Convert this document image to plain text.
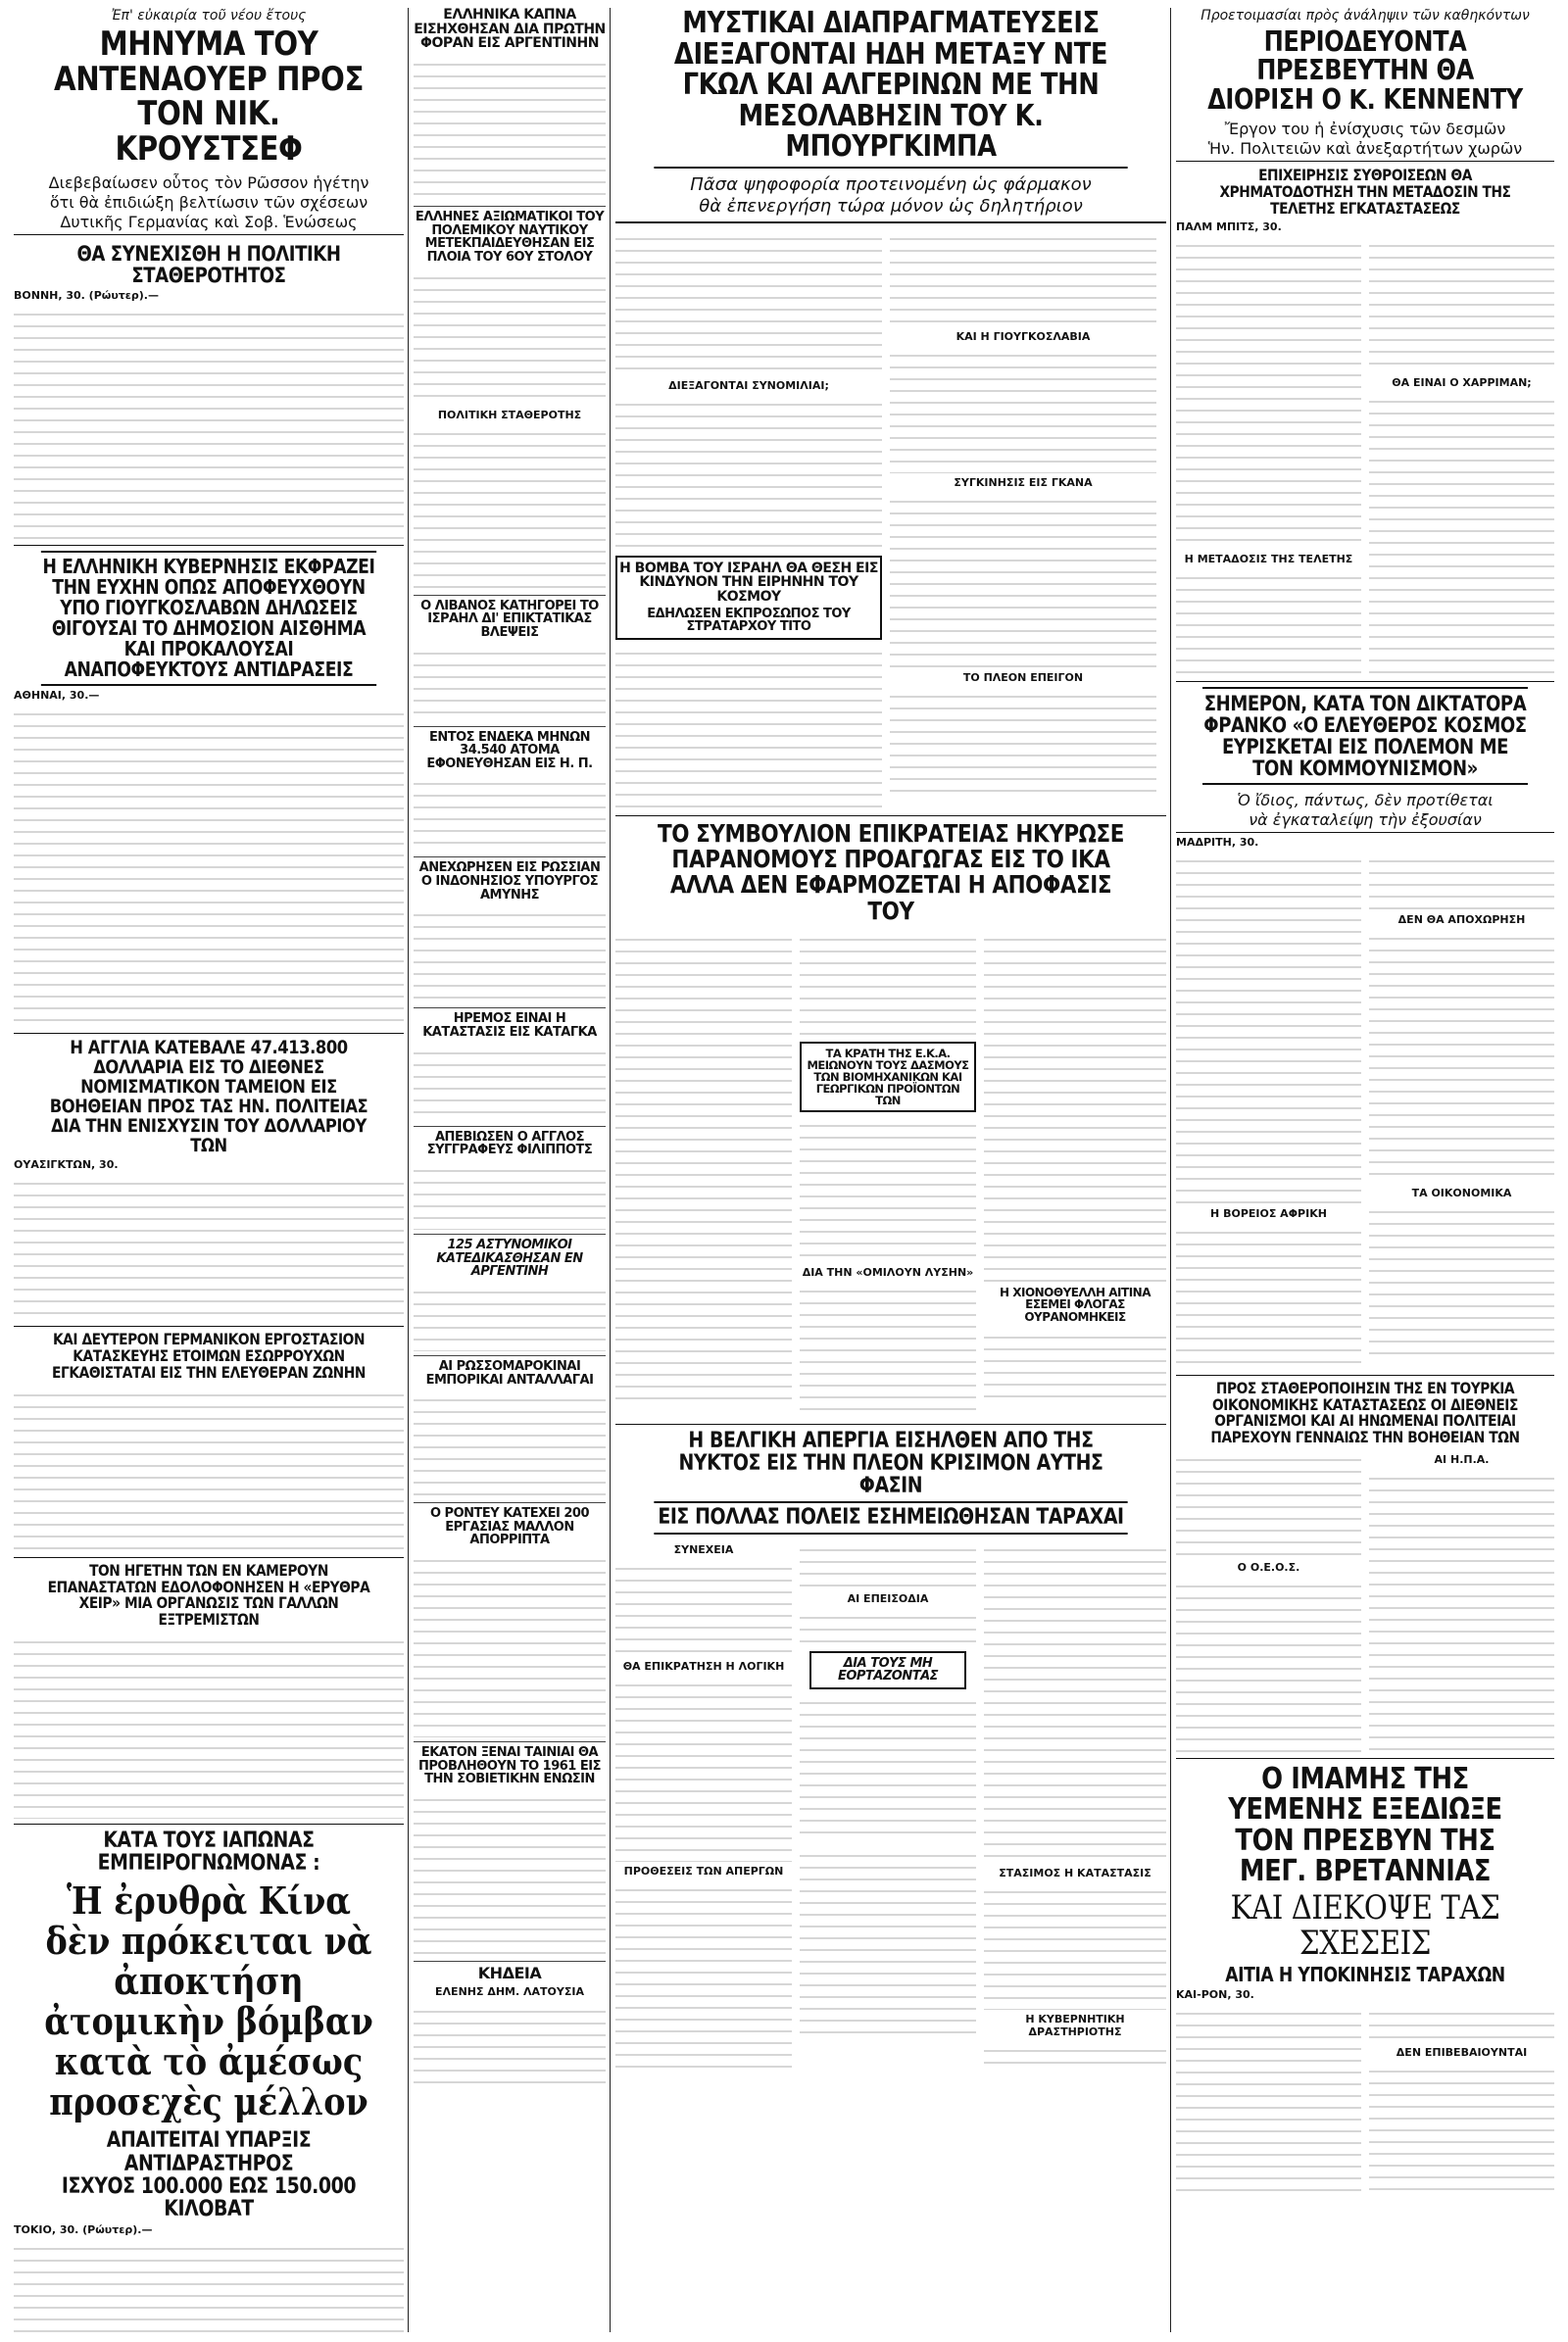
Ἐπ' εὐκαιρία τοῦ νέου ἔτους
ΜΗΝΥΜΑ ΤΟΥ ΑΝΤΕΝΑΟΥΕΡ ΠΡΟΣ ΤΟΝ ΝΙΚ. ΚΡΟΥΣΤΣΕΦ
Διεβεβαίωσεν οὗτος τὸν Ρῶσσον ἡγέτην
ὅτι θὰ ἐπιδιώξη βελτίωσιν τῶν σχέσεων
Δυτικῆς Γερμανίας καὶ Σοβ. Ἑνώσεως
ΘΑ ΣΥΝΕΧΙΣΘΗ Η ΠΟΛΙΤΙΚΗ ΣΤΑΘΕΡΟΤΗΤΟΣ
ΒΟΝΝΗ, 30. (Ρώυτερ).—
Η ΕΛΛΗΝΙΚΗ ΚΥΒΕΡΝΗΣΙΣ ΕΚΦΡΑΖΕΙ ΤΗΝ ΕΥΧΗΝ ΟΠΩΣ ΑΠΟΦΕΥΧΘΟΥΝ ΥΠΟ ΓΙΟΥΓΚΟΣΛΑΒΩΝ ΔΗΛΩΣΕΙΣ ΘΙΓΟΥΣΑΙ ΤΟ ΔΗΜΟΣΙΟΝ ΑΙΣΘΗΜΑ ΚΑΙ ΠΡΟΚΑΛΟΥΣΑΙ ΑΝΑΠΟΦΕΥΚΤΟΥΣ ΑΝΤΙΔΡΑΣΕΙΣ
ΑΘΗΝΑΙ, 30.—
Η ΑΓΓΛΙΑ ΚΑΤΕΒΑΛΕ 47.413.800 ΔΟΛΛΑΡΙΑ ΕΙΣ ΤΟ ΔΙΕΘΝΕΣ ΝΟΜΙΣΜΑΤΙΚΟΝ ΤΑΜΕΙΟΝ ΕΙΣ ΒΟΗΘΕΙΑΝ ΠΡΟΣ ΤΑΣ ΗΝ. ΠΟΛΙΤΕΙΑΣ ΔΙΑ ΤΗΝ ΕΝΙΣΧΥΣΙΝ ΤΟΥ ΔΟΛΛΑΡΙΟΥ ΤΩΝ
ΟΥΑΣΙΓΚΤΩΝ, 30.
ΚΑΙ ΔΕΥΤΕΡΟΝ ΓΕΡΜΑΝΙΚΟΝ ΕΡΓΟΣΤΑΣΙΟΝ ΚΑΤΑΣΚΕΥΗΣ ΕΤΟΙΜΩΝ ΕΣΩΡΡΟΥΧΩΝ ΕΓΚΑΘΙΣΤΑΤΑΙ ΕΙΣ ΤΗΝ ΕΛΕΥΘΕΡΑΝ ΖΩΝΗΝ
ΤΟΝ ΗΓΕΤΗΝ ΤΩΝ ΕΝ ΚΑΜΕΡΟΥΝ ΕΠΑΝΑΣΤΑΤΩΝ ΕΔΟΛΟΦΟΝΗΣΕΝ Η «ΕΡΥΘΡΑ ΧΕΙΡ» ΜΙΑ ΟΡΓΑΝΩΣΙΣ ΤΩΝ ΓΑΛΛΩΝ ΕΞΤΡΕΜΙΣΤΩΝ
ΚΑΤΑ ΤΟΥΣ ΙΑΠΩΝΑΣ ΕΜΠΕΙΡΟΓΝΩΜΟΝΑΣ :
Ἡ ἐρυθρὰ Κίνα δὲν πρόκειται νὰ ἀποκτήση ἀτομικὴν βόμβαν κατὰ τὸ ἀμέσως προσεχὲς μέλλον
ΑΠΑΙΤΕΙΤΑΙ ΥΠΑΡΞΙΣ ΑΝΤΙΔΡΑΣΤΗΡΟΣ
ΙΣΧΥΟΣ 100.000 ΕΩΣ 150.000 ΚΙΛΟΒΑΤ
ΤΟΚΙΟ, 30. (Ρώυτερ).—
ΕΛΛΗΝΙΚΑ ΚΑΠΝΑ ΕΙΣΗΧΘΗΣΑΝ ΔΙΑ ΠΡΩΤΗΝ ΦΟΡΑΝ ΕΙΣ ΑΡΓΕΝΤΙΝΗΝ
ΕΛΛΗΝΕΣ ΑΞΙΩΜΑΤΙΚΟΙ ΤΟΥ ΠΟΛΕΜΙΚΟΥ ΝΑΥΤΙΚΟΥ ΜΕΤΕΚΠΑΙΔΕΥΘΗΣΑΝ ΕΙΣ ΠΛΟΙΑ ΤΟΥ 6ΟΥ ΣΤΟΛΟΥ
ΠΟΛΙΤΙΚΗ ΣΤΑΘΕΡΟΤΗΣ
Ο ΛΙΒΑΝΟΣ ΚΑΤΗΓΟΡΕΙ ΤΟ ΙΣΡΑΗΛ ΔΙ' ΕΠΙΚΤΑΤΙΚΑΣ ΒΛΕΨΕΙΣ
ΕΝΤΟΣ ΕΝΔΕΚΑ ΜΗΝΩΝ 34.540 ΑΤΟΜΑ ΕΦΟΝΕΥΘΗΣΑΝ ΕΙΣ Η. Π.
ΑΝΕΧΩΡΗΣΕΝ ΕΙΣ ΡΩΣΣΙΑΝ Ο ΙΝΔΟΝΗΣΙΟΣ ΥΠΟΥΡΓΟΣ ΑΜΥΝΗΣ
ΗΡΕΜΟΣ ΕΙΝΑΙ Η ΚΑΤΑΣΤΑΣΙΣ ΕΙΣ ΚΑΤΑΓΚΑ
ΑΠΕΒΙΩΣΕΝ Ο ΑΓΓΛΟΣ ΣΥΓΓΡΑΦΕΥΣ ΦΙΛΙΠΠΟΤΣ
125 ΑΣΤΥΝΟΜΙΚΟΙ ΚΑΤΕΔΙΚΑΣΘΗΣΑΝ ΕΝ ΑΡΓΕΝΤΙΝΗ
ΑΙ ΡΩΣΣΟΜΑΡΟΚΙΝΑΙ ΕΜΠΟΡΙΚΑΙ ΑΝΤΑΛΛΑΓΑΙ
Ο ΡΟΝΤΕΥ ΚΑΤΕΧΕΙ 200 ΕΡΓΑΣΙΑΣ ΜΑΛΛΟΝ ΑΠΟΡΡΙΠΤΑ
ΕΚΑΤΟΝ ΞΕΝΑΙ ΤΑΙΝΙΑΙ ΘΑ ΠΡΟΒΛΗΘΟΥΝ ΤΟ 1961 ΕΙΣ ΤΗΝ ΣΟΒΙΕΤΙΚΗΝ ΕΝΩΣΙΝ
ΚΗΔΕΙΑ
ΕΛΕΝΗΣ ΔΗΜ. ΛΑΤΟΥΣΙΑ
ΜΥΣΤΙΚΑΙ ΔΙΑΠΡΑΓΜΑΤΕΥΣΕΙΣ ΔΙΕΞΑΓΟΝΤΑΙ ΗΔΗ ΜΕΤΑΞΥ ΝΤΕ ΓΚΩΛ ΚΑΙ ΑΛΓΕΡΙΝΩΝ ΜΕ ΤΗΝ ΜΕΣΟΛΑΒΗΣΙΝ ΤΟΥ Κ. ΜΠΟΥΡΓΚΙΜΠΑ
Πᾶσα ψηφοφορία προτεινομένη ὡς φάρμακον
θὰ ἐπενεργήση τώρα μόνον ὡς δηλητήριον
ΔΙΕΞΑΓΟΝΤΑΙ ΣΥΝΟΜΙΛΙΑΙ;
Η ΒΟΜΒΑ ΤΟΥ ΙΣΡΑΗΛ ΘΑ ΘΕΣΗ ΕΙΣ ΚΙΝΔΥΝΟΝ ΤΗΝ ΕΙΡΗΝΗΝ ΤΟΥ ΚΟΣΜΟΥ
ΕΔΗΛΩΣΕΝ ΕΚΠΡΟΣΩΠΟΣ ΤΟΥ ΣΤΡΑΤΑΡΧΟΥ ΤΙΤΟ
ΚΑΙ Η ΓΙΟΥΓΚΟΣΛΑΒΙΑ
ΣΥΓΚΙΝΗΣΙΣ ΕΙΣ ΓΚΑΝΑ
ΤΟ ΠΛΕΟΝ ΕΠΕΙΓΟΝ
ΤΟ ΣΥΜΒΟΥΛΙΟΝ ΕΠΙΚΡΑΤΕΙΑΣ ΗΚΥΡΩΣΕ ΠΑΡΑΝΟΜΟΥΣ ΠΡΟΑΓΩΓΑΣ ΕΙΣ ΤΟ ΙΚΑ ΑΛΛΑ ΔΕΝ ΕΦΑΡΜΟΖΕΤΑΙ Η ΑΠΟΦΑΣΙΣ ΤΟΥ
ΤΑ ΚΡΑΤΗ ΤΗΣ Ε.Κ.Α. ΜΕΙΩΝΟΥΝ ΤΟΥΣ ΔΑΣΜΟΥΣ ΤΩΝ ΒΙΟΜΗΧΑΝΙΚΩΝ ΚΑΙ ΓΕΩΡΓΙΚΩΝ ΠΡΟΪΟΝΤΩΝ ΤΩΝ
ΔΙΑ ΤΗΝ «ΟΜΙΛΟΥΝ ΛΥΣΗΝ»
Η ΧΙΟΝΟΘΥΕΛΛΗ ΑΙΤΙΝΑ ΕΣΕΜΕΙ ΦΛΟΓΑΣ ΟΥΡΑΝΟΜΗΚΕΙΣ
Η ΒΕΛΓΙΚΗ ΑΠΕΡΓΙΑ ΕΙΣΗΛΘΕΝ ΑΠΟ ΤΗΣ ΝΥΚΤΟΣ ΕΙΣ ΤΗΝ ΠΛΕΟΝ ΚΡΙΣΙΜΟΝ ΑΥΤΗΣ ΦΑΣΙΝ
ΕΙΣ ΠΟΛΛΑΣ ΠΟΛΕΙΣ ΕΣΗΜΕΙΩΘΗΣΑΝ ΤΑΡΑΧΑΙ
ΣΥΝΕΧΕΙΑ
ΘΑ ΕΠΙΚΡΑΤΗΣΗ Η ΛΟΓΙΚΗ
ΠΡΟΘΕΣΕΙΣ ΤΩΝ ΑΠΕΡΓΩΝ
ΑΙ ΕΠΕΙΣΟΔΙΑ
ΔΙΑ ΤΟΥΣ ΜΗ ΕΟΡΤΑΖΟΝΤΑΣ
ΣΤΑΣΙΜΟΣ Η ΚΑΤΑΣΤΑΣΙΣ
Η ΚΥΒΕΡΝΗΤΙΚΗ ΔΡΑΣΤΗΡΙΟΤΗΣ
Προετοιμασίαι πρὸς ἀνάληψιν τῶν καθηκόντων
ΠΕΡΙΟΔΕΥΟΝΤΑ ΠΡΕΣΒΕΥΤΗΝ ΘΑ ΔΙΟΡΙΣΗ Ο K. ΚΕΝΝΕΝΤΥ
Ἔργον του ἡ ἐνίσχυσις τῶν δεσμῶν
Ἡν. Πολιτειῶν καὶ ἀνεξαρτήτων χωρῶν
ΕΠΙΧΕΙΡΗΣΙΣ ΣΥΘΡΟΙΣΕΩΝ ΘΑ ΧΡΗΜΑΤΟΔΟΤΗΣΗ ΤΗΝ ΜΕΤΑΔΟΣΙΝ ΤΗΣ ΤΕΛΕΤΗΣ ΕΓΚΑΤΑΣΤΑΣΕΩΣ
ΠΑΛΜ ΜΠΙΤΣ, 30.
Η ΜΕΤΑΔΟΣΙΣ ΤΗΣ ΤΕΛΕΤΗΣ
ΘΑ ΕΙΝΑΙ Ο ΧΑΡΡΙΜΑΝ;
ΣΗΜΕΡΟΝ, ΚΑΤΑ ΤΟΝ ΔΙΚΤΑΤΟΡΑ ΦΡΑΝΚΟ «Ο ΕΛΕΥΘΕΡΟΣ ΚΟΣΜΟΣ ΕΥΡΙΣΚΕΤΑΙ ΕΙΣ ΠΟΛΕΜΟΝ ΜΕ ΤΟΝ ΚΟΜΜΟΥΝΙΣΜΟΝ»
Ὁ ἴδιος, πάντως, δὲν προτίθεται
νὰ ἐγκαταλείψη τὴν ἐξουσίαν
ΜΑΔΡΙΤΗ, 30.
Η ΒΟΡΕΙΟΣ ΑΦΡΙΚΗ
ΔΕΝ ΘΑ ΑΠΟΧΩΡΗΣΗ
ΤΑ ΟΙΚΟΝΟΜΙΚΑ
ΠΡΟΣ ΣΤΑΘΕΡΟΠΟΙΗΣΙΝ ΤΗΣ ΕΝ ΤΟΥΡΚΙΑ ΟΙΚΟΝΟΜΙΚΗΣ ΚΑΤΑΣΤΑΣΕΩΣ ΟΙ ΔΙΕΘΝΕΙΣ ΟΡΓΑΝΙΣΜΟΙ ΚΑΙ ΑΙ ΗΝΩΜΕΝΑΙ ΠΟΛΙΤΕΙΑΙ ΠΑΡΕΧΟΥΝ ΓΕΝΝΑΙΩΣ ΤΗΝ ΒΟΗΘΕΙΑΝ ΤΩΝ
Ο Ο.Ε.Ο.Σ.
ΑΙ Η.Π.Α.
Ο ΙΜΑΜΗΣ ΤΗΣ ΥΕΜΕΝΗΣ ΕΞΕΔΙΩΞΕ ΤΟΝ ΠΡΕΣΒΥΝ ΤΗΣ ΜΕΓ. ΒΡΕΤΑΝΝΙΑΣ
ΚΑΙ ΔΙΕΚΟΨΕ ΤΑΣ ΣΧΕΣΕΙΣ
ΑΙΤΙΑ Η ΥΠΟΚΙΝΗΣΙΣ ΤΑΡΑΧΩΝ
ΚΑΙ-ΡΟΝ, 30.
ΔΕΝ ΕΠΙΒΕΒΑΙΟΥΝΤΑΙ
